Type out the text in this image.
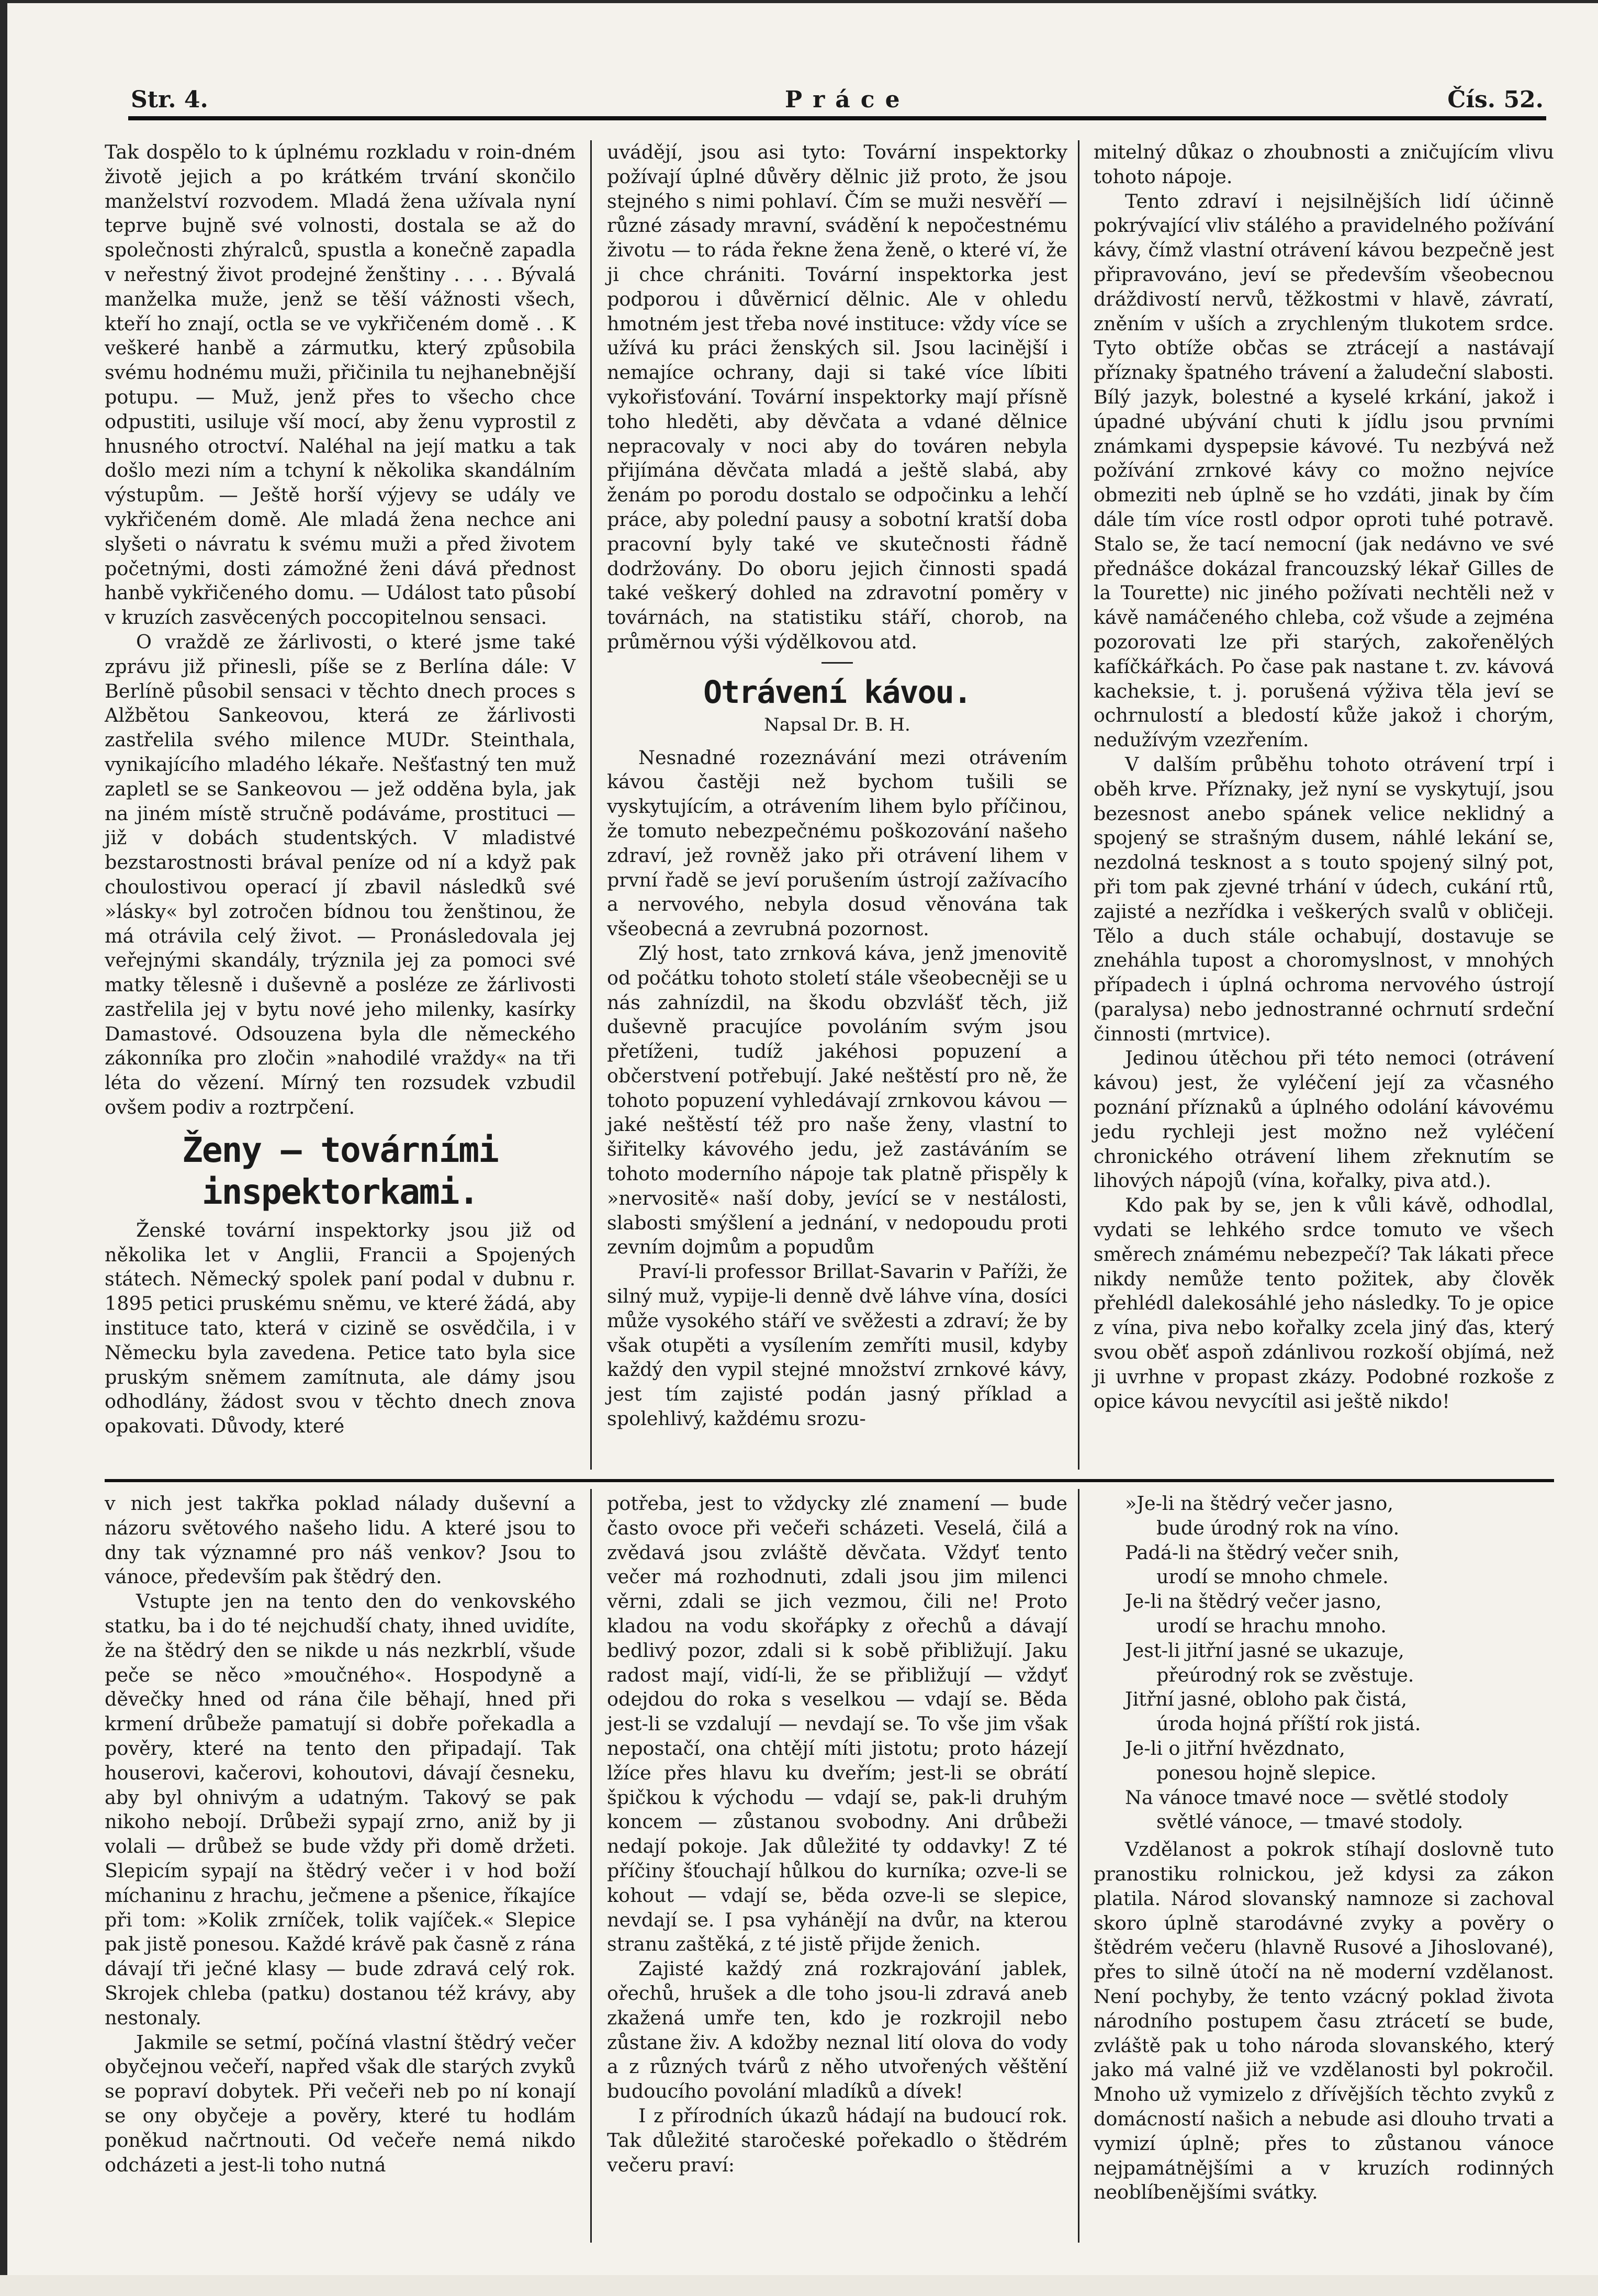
Str. 4.	Práce	Čís. 52.

Tak dospělo to k úplnému rozkladu v roin-dném životě jejich a po krátkém trvání skončilo manželství rozvodem. Mladá žena užívala nyní teprve bujně své volnosti, dostala se až do společnosti zhýralců, spustla a konečně zapadla v neřestný život prodejné ženštiny . . . . Bývalá manželka muže, jenž se těší vážnosti všech, kteří ho znají, octla se ve vykřičeném domě . . K veškeré hanbě a zármutku, který způsobila svému hodnému muži, přičinila tu nejhanebnější potupu. — Muž, jenž přes to všecho chce odpustiti, usiluje vší mocí, aby ženu vyprostil z hnusného otroctví. Naléhal na její matku a tak došlo mezi ním a tchyní k několika skandálním výstupům. — Ještě horší výjevy se udály ve vykřičeném domě. Ale mladá žena nechce ani slyšeti o návratu k svému muži a před životem početnými, dosti zámožné ženi dává přednost hanbě vykřičeného domu. — Událost tato působí v kruzích zasvěcených poccopitelnou sensaci.

O vraždě ze žárlivosti, o které jsme také zprávu již přinesli, píše se z Berlína dále: V Berlíně působil sensaci v těchto dnech proces s Alžbětou Sankeovou, která ze žárlivosti zastřelila svého milence MUDr. Steinthala, vynikajícího mladého lékaře. Nešťastný ten muž zapletl se se Sankeovou — jež odděna byla, jak na jiném místě stručně podáváme, prostituci — již v dobách studentských. V mladistvé bezstarostnosti brával peníze od ní a když pak choulostivou operací jí zbavil následků své »lásky« byl zotročen bídnou tou ženštinou, že má otrávila celý život. — Pronásledovala jej veřejnými skandály, trýznila jej za pomoci své matky tělesně i duševně a posléze ze žárlivosti zastřelila jej v bytu nové jeho milenky, kasírky Damastové. Odsouzena byla dle německého zákonníka pro zločin »nahodilé vraždy« na tři léta do vězení. Mírný ten rozsudek vzbudil ovšem podiv a roztrpčení.

Ženy — továrními inspektorkami.

Ženské tovární inspektorky jsou již od několika let v Anglii, Francii a Spojených státech. Německý spolek paní podal v dubnu r. 1895 petici pruskému sněmu, ve které žádá, aby instituce tato, která v cizině se osvědčila, i v Německu byla zavedena. Petice tato byla sice pruským sněmem zamítnuta, ale dámy jsou odhodlány, žádost svou v těchto dnech znova opakovati. Důvody, které

uvádějí, jsou asi tyto: Tovární inspektorky požívají úplné důvěry dělnic již proto, že jsou stejného s nimi pohlaví. Čím se muži nesvěří — různé zásady mravní, svádění k nepočestnému životu — to ráda řekne žena ženě, o které ví, že ji chce chrániti. Tovární inspektorka jest podporou i důvěrnicí dělnic. Ale v ohledu hmotném jest třeba nové instituce: vždy více se užívá ku práci ženských sil. Jsou lacinější i nemajíce ochrany, daji si také více líbiti vykořisťování. Tovární inspektorky mají přísně toho hleděti, aby děvčata a vdané dělnice nepracovaly v noci aby do továren nebyla přijímána děvčata mladá a ještě slabá, aby ženám po porodu dostalo se odpočinku a lehčí práce, aby polední pausy a sobotní kratší doba pracovní byly také ve skutečnosti řádně dodržovány. Do oboru jejich činnosti spadá také veškerý dohled na zdravotní poměry v továrnách, na statistiku stáří, chorob, na průměrnou výši výdělkovou atd.

Otrávení kávou.
Napsal Dr. B. H.

Nesnadné rozeznávání mezi otrávením kávou častěji než bychom tušili se vyskytujícím, a otrávením lihem bylo příčinou, že tomuto nebezpečnému poškozování našeho zdraví, jež rovněž jako při otrávení lihem v první řadě se jeví porušením ústrojí zažívacího a nervového, nebyla dosud věnována tak všeobecná a zevrubná pozornost.

Zlý host, tato zrnková káva, jenž jmenovitě od počátku tohoto století stále všeobecněji se u nás zahnízdil, na škodu obzvlášť těch, již duševně pracujíce povoláním svým jsou přetíženi, tudíž jakéhosi popuzení a občerstvení potřebují. Jaké neštěstí pro ně, že tohoto popuzení vyhledávají zrnkovou kávou — jaké neštěstí též pro naše ženy, vlastní to šiřitelky kávového jedu, jež zastáváním se tohoto moderního nápoje tak platně přispěly k »nervositě« naší doby, jevící se v nestálosti, slabosti smýšlení a jednání, v nedopoudu proti zevním dojmům a popudům

Praví-li professor Brillat-Savarin v Paříži, že silný muž, vypije-li denně dvě láhve vína, dosíci může vysokého stáří ve svěžesti a zdraví; že by však otupěti a vysílením zemříti musil, kdyby každý den vypil stejné množství zrnkové kávy, jest tím zajisté podán jasný příklad a spolehlivý, každému srozu-

mitelný důkaz o zhoubnosti a zničujícím vlivu tohoto nápoje.

Tento zdraví i nejsilnějších lidí účinně pokrývající vliv stálého a pravidelného požívání kávy, čímž vlastní otrávení kávou bezpečně jest připravováno, jeví se především všeobecnou dráždivostí nervů, těžkostmi v hlavě, závratí, zněním v uších a zrychleným tlukotem srdce. Tyto obtíže občas se ztrácejí a nastávají příznaky špatného trávení a žaludeční slabosti. Bílý jazyk, bolestné a kyselé krkání, jakož i úpadné ubývání chuti k jídlu jsou prvními známkami dyspepsie kávové. Tu nezbývá než požívání zrnkové kávy co možno nejvíce obmeziti neb úplně se ho vzdáti, jinak by čím dále tím více rostl odpor oproti tuhé potravě. Stalo se, že tací nemocní (jak nedávno ve své přednášce dokázal francouzský lékař Gilles de la Tourette) nic jiného požívati nechtěli než v kávě namáčeného chleba, což všude a zejména pozorovati lze při starých, zakořenělých kafíčkářkách. Po čase pak nastane t. zv. kávová kacheksie, t. j. porušená výživa těla jeví se ochrnulostí a bledostí kůže jakož i chorým, nedužívým vzezřením.

V dalším průběhu tohoto otrávení trpí i oběh krve. Příznaky, jež nyní se vyskytují, jsou bezesnost anebo spánek velice neklidný a spojený se strašným dusem, náhlé lekání se, nezdolná tesknost a s touto spojený silný pot, při tom pak zjevné trhání v údech, cukání rtů, zajisté a nezřídka i veškerých svalů v obličeji. Tělo a duch stále ochabují, dostavuje se zneháhla tupost a choromyslnost, v mnohých případech i úplná ochroma nervového ústrojí (paralysa) nebo jednostranné ochrnutí srdeční činnosti (mrtvice).

Jedinou útěchou při této nemoci (otrávení kávou) jest, že vyléčení její za včasného poznání příznaků a úplného odolání kávovému jedu rychleji jest možno než vyléčení chronického otrávení lihem zřeknutím se lihových nápojů (vína, kořalky, piva atd.).

Kdo pak by se, jen k vůli kávě, odhodlal, vydati se lehkého srdce tomuto ve všech směrech známému nebezpečí? Tak lákati přece nikdy nemůže tento požitek, aby člověk přehlédl dalekosáhlé jeho následky. To je opice z vína, piva nebo kořalky zcela jiný ďas, který svou oběť aspoň zdánlivou rozkoší objímá, než ji uvrhne v propast zkázy. Podobné rozkoše z opice kávou nevycítil asi ještě nikdo!

v nich jest takřka poklad nálady duševní a názoru světového našeho lidu. A které jsou to dny tak významné pro náš venkov? Jsou to vánoce, především pak štědrý den.

Vstupte jen na tento den do venkovského statku, ba i do té nejchudší chaty, ihned uvidíte, že na štědrý den se nikde u nás nezkrblí, všude peče se něco »moučného«. Hospodyně a děvečky hned od rána čile běhají, hned při krmení drůbeže pamatují si dobře pořekadla a pověry, které na tento den připadají. Tak houserovi, kačerovi, kohoutovi, dávají česneku, aby byl ohnivým a udatným. Takový se pak nikoho nebojí. Drůbeži sypají zrno, aniž by ji volali — drůbež se bude vždy při domě držeti. Slepicím sypají na štědrý večer i v hod boží míchaninu z hrachu, ječmene a pšenice, říkajíce při tom: »Kolik zrníček, tolik vajíček.« Slepice pak jistě ponesou. Každé krávě pak časně z rána dávají tři ječné klasy — bude zdravá celý rok. Skrojek chleba (patku) dostanou též krávy, aby nestonaly.

Jakmile se setmí, počíná vlastní štědrý večer obyčejnou večeří, napřed však dle starých zvyků se popraví dobytek. Při večeři neb po ní konají se ony obyčeje a pověry, které tu hodlám poněkud načrtnouti. Od večeře nemá nikdo odcházeti a jest-li toho nutná

potřeba, jest to vždycky zlé znamení — bude často ovoce při večeři scházeti. Veselá, čilá a zvědavá jsou zvláště děvčata. Vždyť tento večer má rozhodnuti, zdali jsou jim milenci věrni, zdali se jich vezmou, čili ne! Proto kladou na vodu skořápky z ořechů a dávají bedlivý pozor, zdali si k sobě přibližují. Jaku radost mají, vidí-li, že se přibližují — vždyť odejdou do roka s veselkou — vdají se. Běda jest-li se vzdalují — nevdají se. To vše jim však nepostačí, ona chtějí míti jistotu; proto házejí lžíce přes hlavu ku dveřím; jest-li se obrátí špičkou k východu — vdají se, pak-li druhým koncem — zůstanou svobodny. Ani drůbeži nedají pokoje. Jak důležité ty oddavky! Z té příčiny šťouchají hůlkou do kurníka; ozve-li se kohout — vdají se, běda ozve-li se slepice, nevdají se. I psa vyhánějí na dvůr, na kterou stranu zaštěká, z té jistě přijde ženich.

Zajisté každý zná rozkrajování jablek, ořechů, hrušek a dle toho jsou-li zdravá aneb zkažená umře ten, kdo je rozkrojil nebo zůstane živ. A kdožby neznal lití olova do vody a z různých tvárů z něho utvořených věštění budoucího povolání mladíků a dívek!

I z přírodních úkazů hádají na budoucí rok. Tak důležité staročeské pořekadlo o štědrém večeru praví:

»Je-li na štědrý večer jasno,
bude úrodný rok na víno.
Padá-li na štědrý večer snih,
urodí se mnoho chmele.
Je-li na štědrý večer jasno,
urodí se hrachu mnoho.
Jest-li jitřní jasné se ukazuje,
přeúrodný rok se zvěstuje.
Jitřní jasné, obloho pak čistá,
úroda hojná příští rok jistá.
Je-li o jitřní hvězdnato,
ponesou hojně slepice.
Na vánoce tmavé noce — světlé stodoly
světlé vánoce, — tmavé stodoly.

Vzdělanost a pokrok stíhají doslovně tuto pranostiku rolnickou, jež kdysi za zákon platila. Národ slovanský namnoze si zachoval skoro úplně starodávné zvyky a pověry o štědrém večeru (hlavně Rusové a Jihoslované), přes to silně útočí na ně moderní vzdělanost. Není pochyby, že tento vzácný poklad života národního postupem času ztrácetí se bude, zvláště pak u toho národa slovanského, který jako má valné již ve vzdělanosti byl pokročil. Mnoho už vymizelo z dřívějších těchto zvyků z domácností našich a nebude asi dlouho trvati a vymizí úplně; přes to zůstanou vánoce nejpamátnějšími a v kruzích rodinných neoblíbenějšími svátky.
